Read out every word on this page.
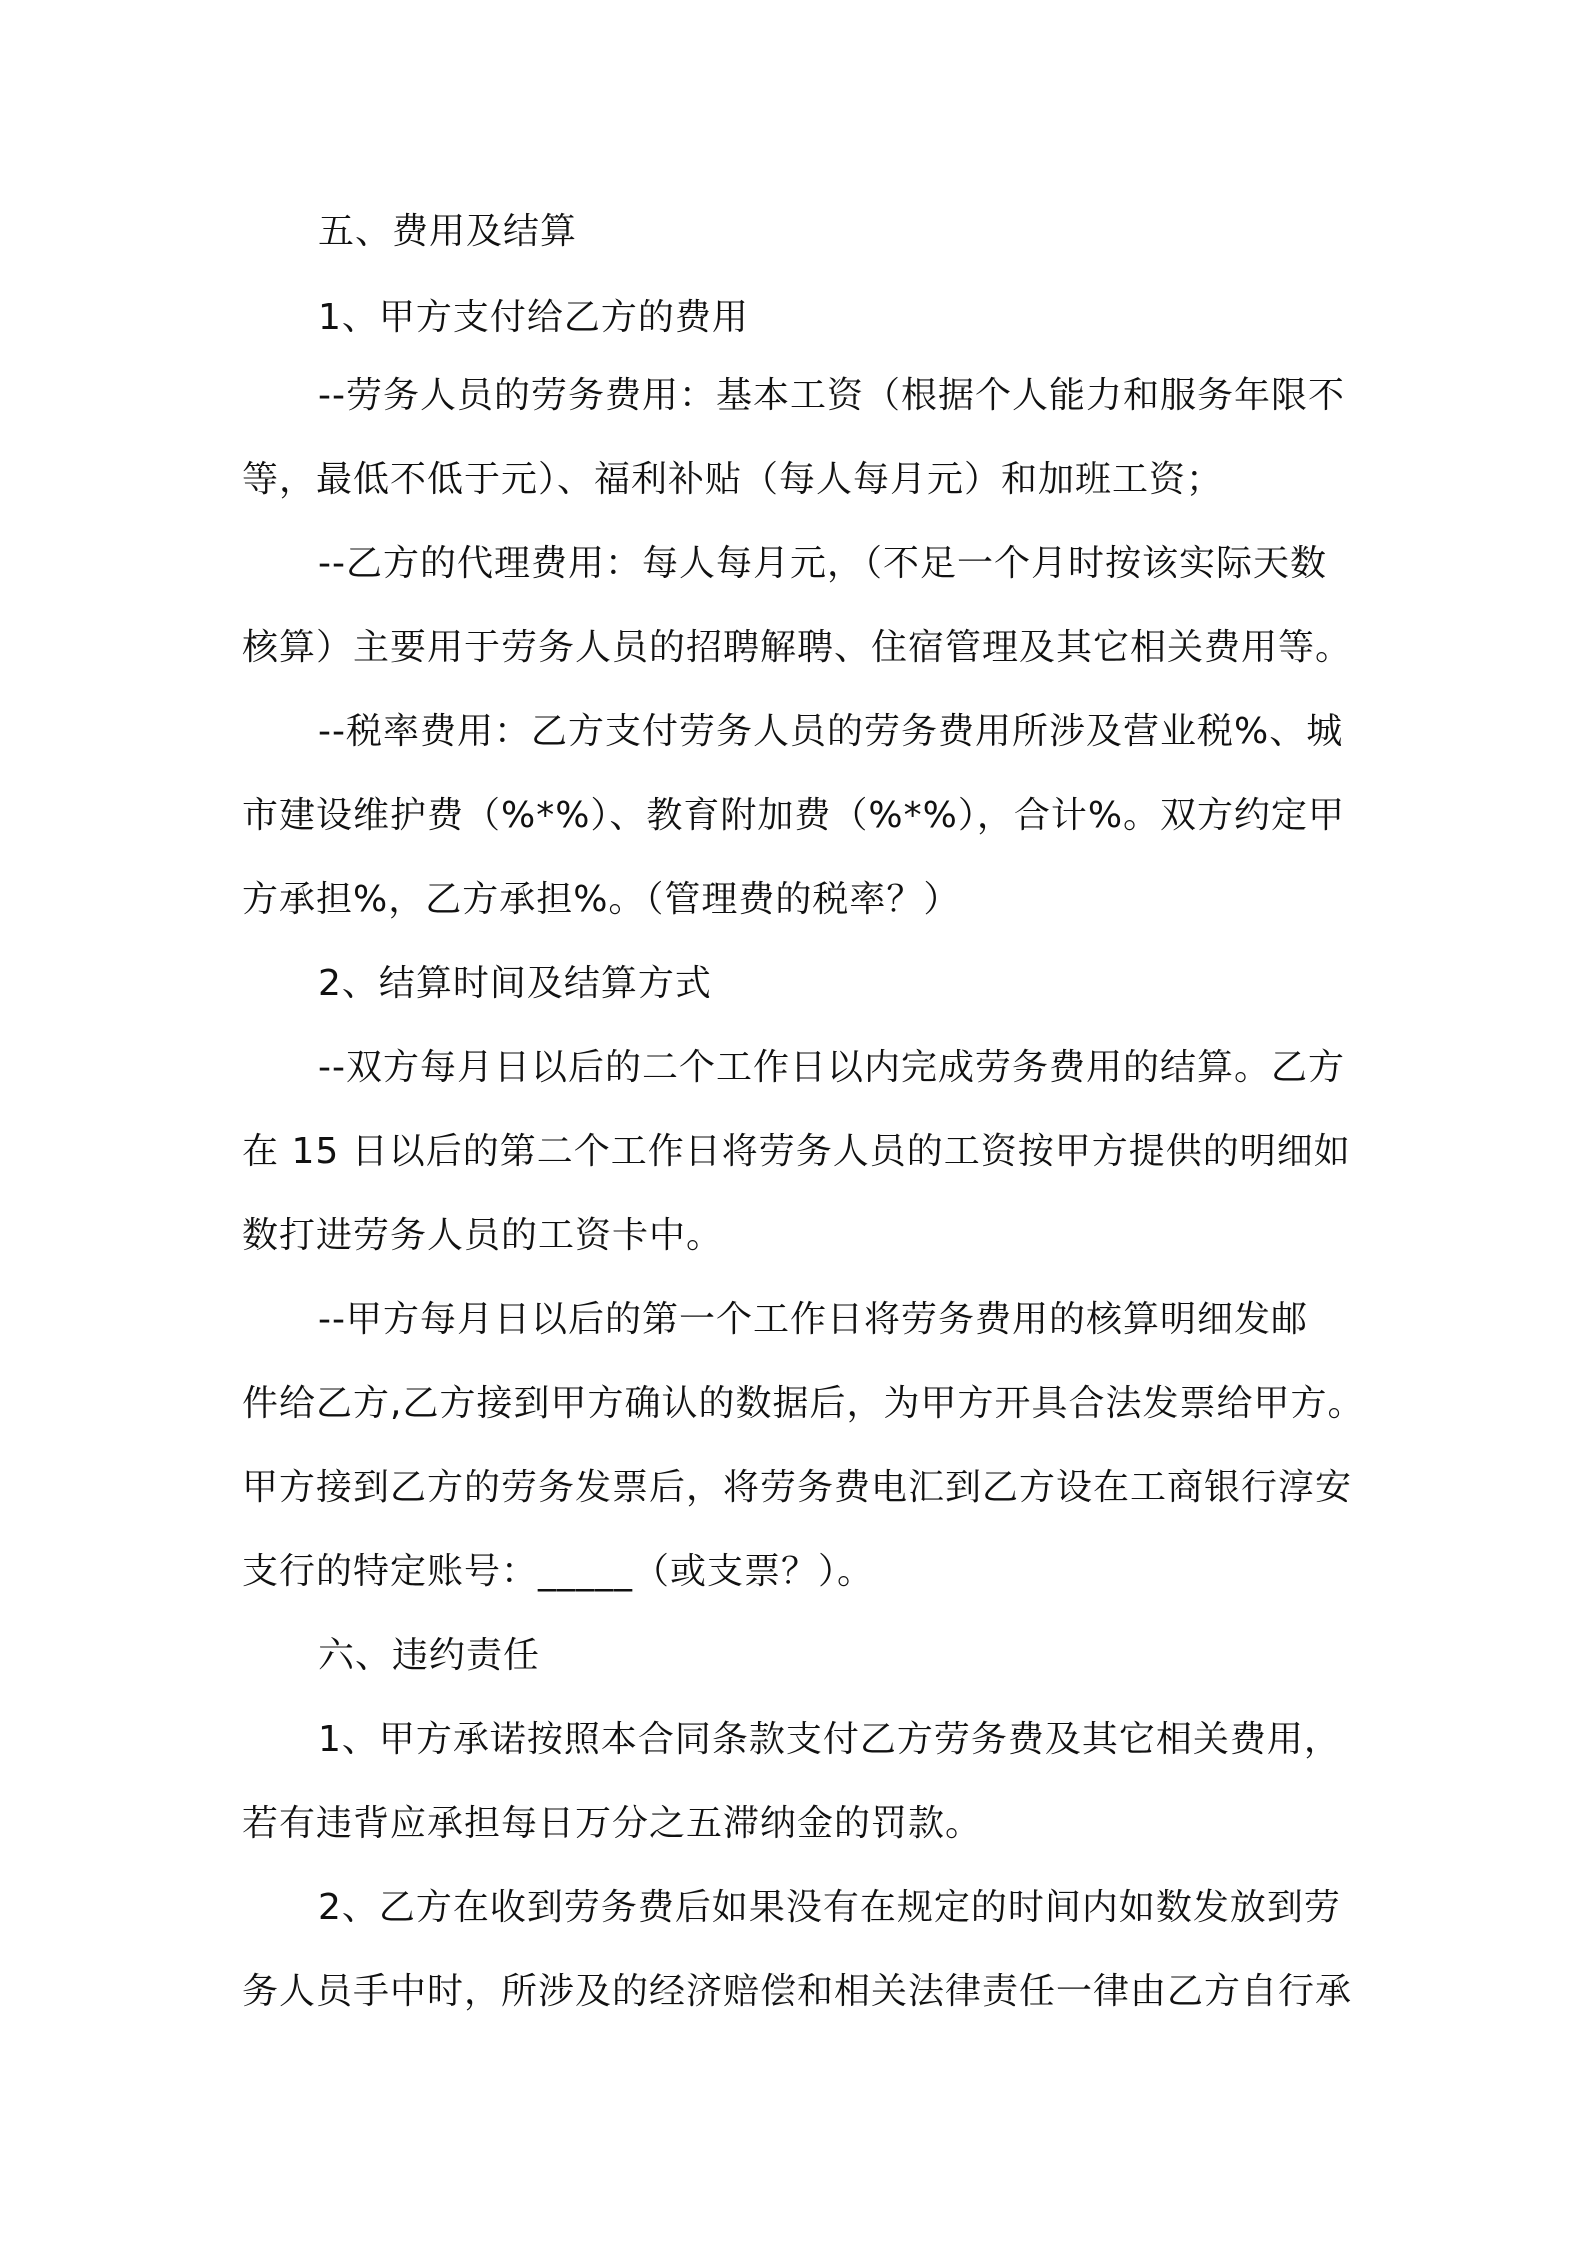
五、费用及结算
1、甲方支付给乙方的费用
--劳务人员的劳务费用：基本工资（根据个人能力和服务年限不
等，最低不低于元）、福利补贴（每人每月元）和加班工资；
--乙方的代理费用：每人每月元，（不足一个月时按该实际天数
核算）主要用于劳务人员的招聘解聘、住宿管理及其它相关费用等。
--税率费用：乙方支付劳务人员的劳务费用所涉及营业税%、城
市建设维护费（%*%）、教育附加费（%*%），合计%。双方约定甲
方承担%，乙方承担%。（管理费的税率？）
2、结算时间及结算方式
--双方每月日以后的二个工作日以内完成劳务费用的结算。乙方
在 15 日以后的第二个工作日将劳务人员的工资按甲方提供的明细如
数打进劳务人员的工资卡中。
--甲方每月日以后的第一个工作日将劳务费用的核算明细发邮
件给乙方,乙方接到甲方确认的数据后，为甲方开具合法发票给甲方。
甲方接到乙方的劳务发票后，将劳务费电汇到乙方设在工商银行淳安
支行的特定账号：_____（或支票？）。
六、违约责任
1、甲方承诺按照本合同条款支付乙方劳务费及其它相关费用，
若有违背应承担每日万分之五滞纳金的罚款。
2、乙方在收到劳务费后如果没有在规定的时间内如数发放到劳
务人员手中时，所涉及的经济赔偿和相关法律责任一律由乙方自行承
